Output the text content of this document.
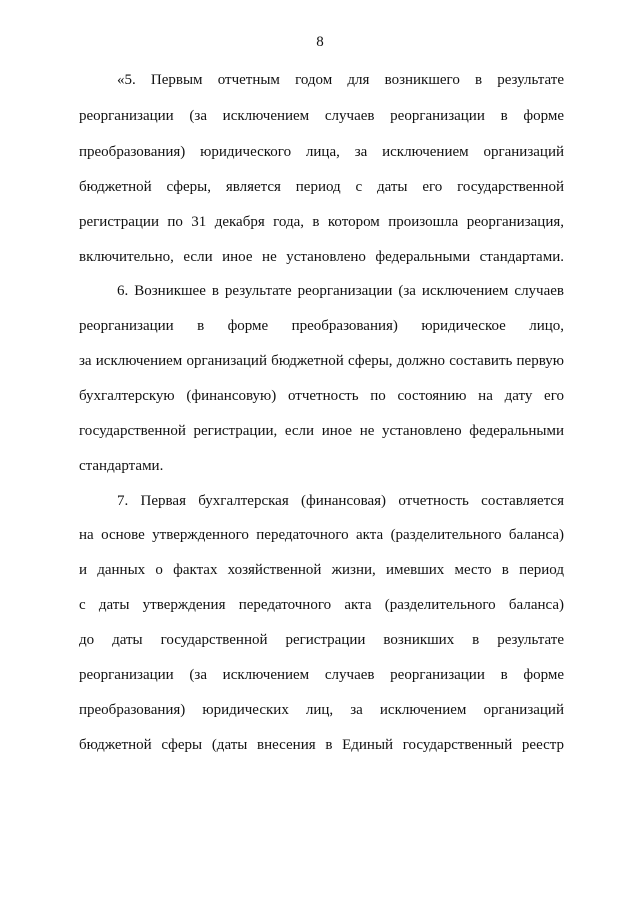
8
«5. Первым отчетным годом для возникшего в результате
реорганизации (за исключением случаев реорганизации в форме
преобразования) юридического лица, за исключением организаций
бюджетной сферы, является период с даты его государственной
регистрации по 31 декабря года, в котором произошла реорганизация,
включительно, если иное не установлено федеральными стандартами.
6. Возникшее в результате реорганизации (за исключением случаев
реорганизации в форме преобразования) юридическое лицо,
за исключением организаций бюджетной сферы, должно составить первую
бухгалтерскую (финансовую) отчетность по состоянию на дату его
государственной регистрации, если иное не установлено федеральными
стандартами.
7. Первая бухгалтерская (финансовая) отчетность составляется
на основе утвержденного передаточного акта (разделительного баланса)
и данных о фактах хозяйственной жизни, имевших место в период
с даты утверждения передаточного акта (разделительного баланса)
до даты государственной регистрации возникших в результате
реорганизации (за исключением случаев реорганизации в форме
преобразования) юридических лиц, за исключением организаций
бюджетной сферы (даты внесения в Единый государственный реестр
